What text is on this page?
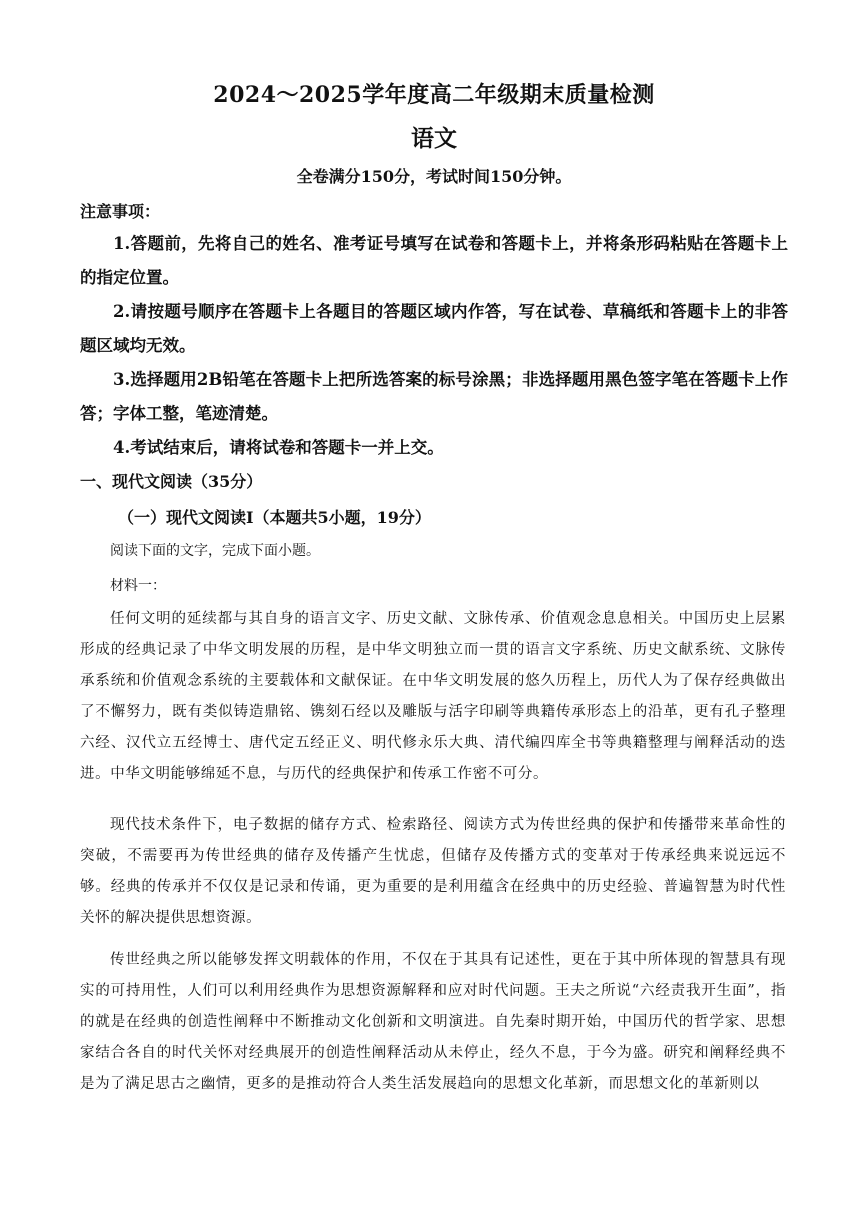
2024～2025学年度高二年级期末质量检测
语文
全卷满分150分，考试时间150分钟。
注意事项：
1.答题前，先将自己的姓名、准考证号填写在试卷和答题卡上，并将条形码粘贴在答题卡上的指定位置。
2.请按题号顺序在答题卡上各题目的答题区域内作答，写在试卷、草稿纸和答题卡上的非答题区域均无效。
3.选择题用2B铅笔在答题卡上把所选答案的标号涂黑；非选择题用黑色签字笔在答题卡上作答；字体工整，笔迹清楚。
4.考试结束后，请将试卷和答题卡一并上交。
一、现代文阅读（35分）
（一）现代文阅读Ⅰ（本题共5小题，19分）
阅读下面的文字，完成下面小题。
材料一：
任何文明的延续都与其自身的语言文字、历史文献、文脉传承、价值观念息息相关。中国历史上层累形成的经典记录了中华文明发展的历程，是中华文明独立而一贯的语言文字系统、历史文献系统、文脉传承系统和价值观念系统的主要载体和文献保证。在中华文明发展的悠久历程上，历代人为了保存经典做出了不懈努力，既有类似铸造鼎铭、镌刻石经以及雕版与活字印刷等典籍传承形态上的沿革，更有孔子整理六经、汉代立五经博士、唐代定五经正义、明代修永乐大典、清代编四库全书等典籍整理与阐释活动的迭进。中华文明能够绵延不息，与历代的经典保护和传承工作密不可分。
现代技术条件下，电子数据的储存方式、检索路径、阅读方式为传世经典的保护和传播带来革命性的突破，不需要再为传世经典的储存及传播产生忧虑，但储存及传播方式的变革对于传承经典来说远远不够。经典的传承并不仅仅是记录和传诵，更为重要的是利用蕴含在经典中的历史经验、普遍智慧为时代性关怀的解决提供思想资源。
传世经典之所以能够发挥文明载体的作用，不仅在于其具有记述性，更在于其中所体现的智慧具有现实的可持用性，人们可以利用经典作为思想资源解释和应对时代问题。王夫之所说“六经责我开生面”，指的就是在经典的创造性阐释中不断推动文化创新和文明演进。自先秦时期开始，中国历代的哲学家、思想家结合各自的时代关怀对经典展开的创造性阐释活动从未停止，经久不息，于今为盛。研究和阐释经典不是为了满足思古之幽情，更多的是推动符合人类生活发展趋向的思想文化革新，而思想文化的革新则以
